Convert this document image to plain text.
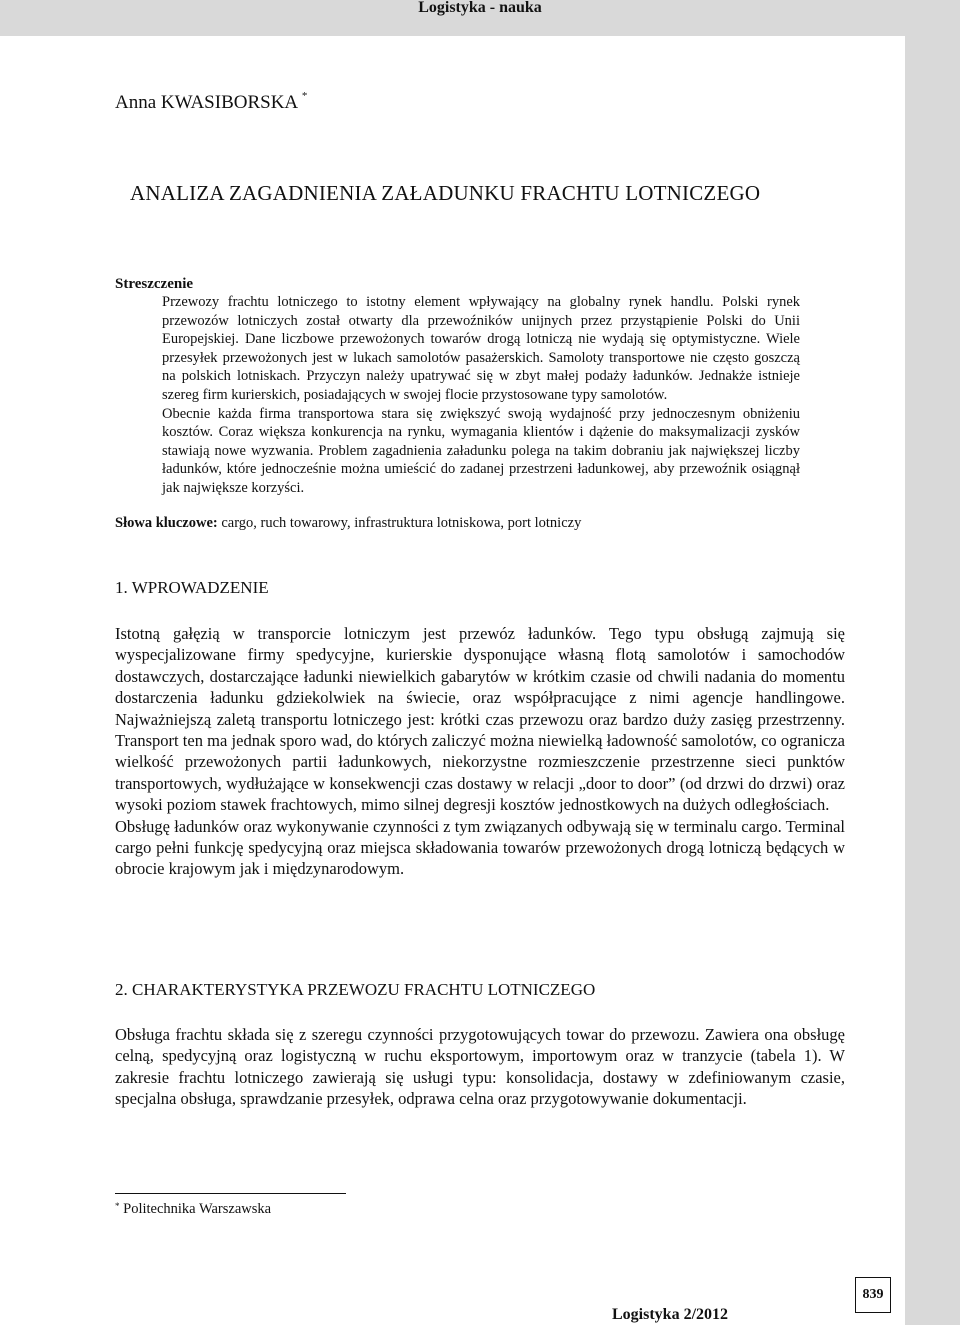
Logistyka - nauka
Anna KWASIBORSKA *
ANALIZA ZAGADNIENIA ZAŁADUNKU FRACHTU LOTNICZEGO
Streszczenie

Przewozy frachtu lotniczego to istotny element wpływający na globalny rynek handlu. Polski rynek przewozów lotniczych został otwarty dla przewoźników unijnych przez przystąpienie Polski do Unii Europejskiej. Dane liczbowe przewożonych towarów drogą lotniczą nie wydają się optymistyczne. Wiele przesyłek przewożonych jest w lukach samolotów pasażerskich. Samoloty transportowe nie często goszczą na polskich lotniskach. Przyczyn należy upatrywać się w zbyt małej podaży ładunków. Jednakże istnieje szereg firm kurierskich, posiadających w swojej flocie przystosowane typy samolotów.

Obecnie każda firma transportowa stara się zwiększyć swoją wydajność przy jednoczesnym obniżeniu kosztów. Coraz większa konkurencja na rynku, wymagania klientów i dążenie do maksymalizacji zysków stawiają nowe wyzwania. Problem zagadnienia załadunku polega na takim dobraniu jak największej liczby ładunków, które jednocześnie można umieścić do zadanej przestrzeni ładunkowej, aby przewoźnik osiągnął jak największe korzyści.

Słowa kluczowe: cargo, ruch towarowy, infrastruktura lotniskowa, port lotniczy
1. WPROWADZENIE

Istotną gałęzią w transporcie lotniczym jest przewóz ładunków. Tego typu obsługą zajmują się wyspecjalizowane firmy spedycyjne, kurierskie dysponujące własną flotą samolotów i samochodów dostawczych, dostarczające ładunki niewielkich gabarytów w krótkim czasie od chwili nadania do momentu dostarczenia ładunku gdziekolwiek na świecie, oraz współpracujące z nimi agencje handlingowe. Najważniejszą zaletą transportu lotniczego jest: krótki czas przewozu oraz bardzo duży zasięg przestrzenny. Transport ten ma jednak sporo wad, do których zaliczyć można niewielką ładowność samolotów, co ogranicza wielkość przewożonych partii ładunkowych, niekorzystne rozmieszczenie przestrzenne sieci punktów transportowych, wydłużające w konsekwencji czas dostawy w relacji „door to door” (od drzwi do drzwi) oraz wysoki poziom stawek frachtowych, mimo silnej degresji kosztów jednostkowych na dużych odległościach.

Obsługę ładunków oraz wykonywanie czynności z tym związanych odbywają się w terminalu cargo. Terminal cargo pełni funkcję spedycyjną oraz miejsca składowania towarów przewożonych drogą lotniczą będących w obrocie krajowym jak i międzynarodowym.

2. CHARAKTERYSTYKA PRZEWOZU FRACHTU LOTNICZEGO

Obsługa frachtu składa się z szeregu czynności przygotowujących towar do przewozu. Zawiera ona obsługę celną, spedycyjną oraz logistyczną w ruchu eksportowym, importowym oraz w tranzycie (tabela 1). W zakresie frachtu lotniczego zawierają się usługi typu: konsolidacja, dostawy w zdefiniowanym czasie, specjalna obsługa, sprawdzanie przesyłek, odprawa celna oraz przygotowywanie dokumentacji.

* Politechnika Warszawska
Logistyka 2/2012
839
